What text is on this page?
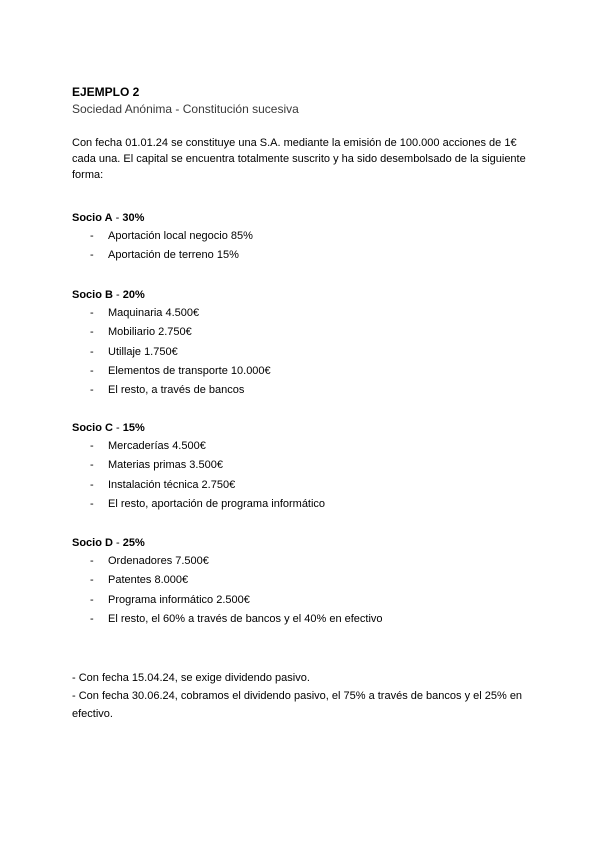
EJEMPLO 2
Sociedad Anónima - Constitución sucesiva
Con fecha 01.01.24 se constituye una S.A. mediante la emisión de 100.000 acciones de 1€ cada una. El capital se encuentra totalmente suscrito y ha sido desembolsado de la siguiente forma:
Socio A - 30%
- Aportación local negocio 85%
- Aportación de terreno 15%
Socio B - 20%
- Maquinaria 4.500€
- Mobiliario 2.750€
- Utillaje 1.750€
- Elementos de transporte 10.000€
- El resto, a través de bancos
Socio C - 15%
- Mercaderías 4.500€
- Materias primas 3.500€
- Instalación técnica 2.750€
- El resto, aportación de programa informático
Socio D - 25%
- Ordenadores 7.500€
- Patentes 8.000€
- Programa informático 2.500€
- El resto, el 60% a través de bancos y el 40% en efectivo

- Con fecha 15.04.24, se exige dividendo pasivo.

- Con fecha 30.06.24, cobramos el dividendo pasivo, el 75% a través de bancos y el 25% en efectivo.
